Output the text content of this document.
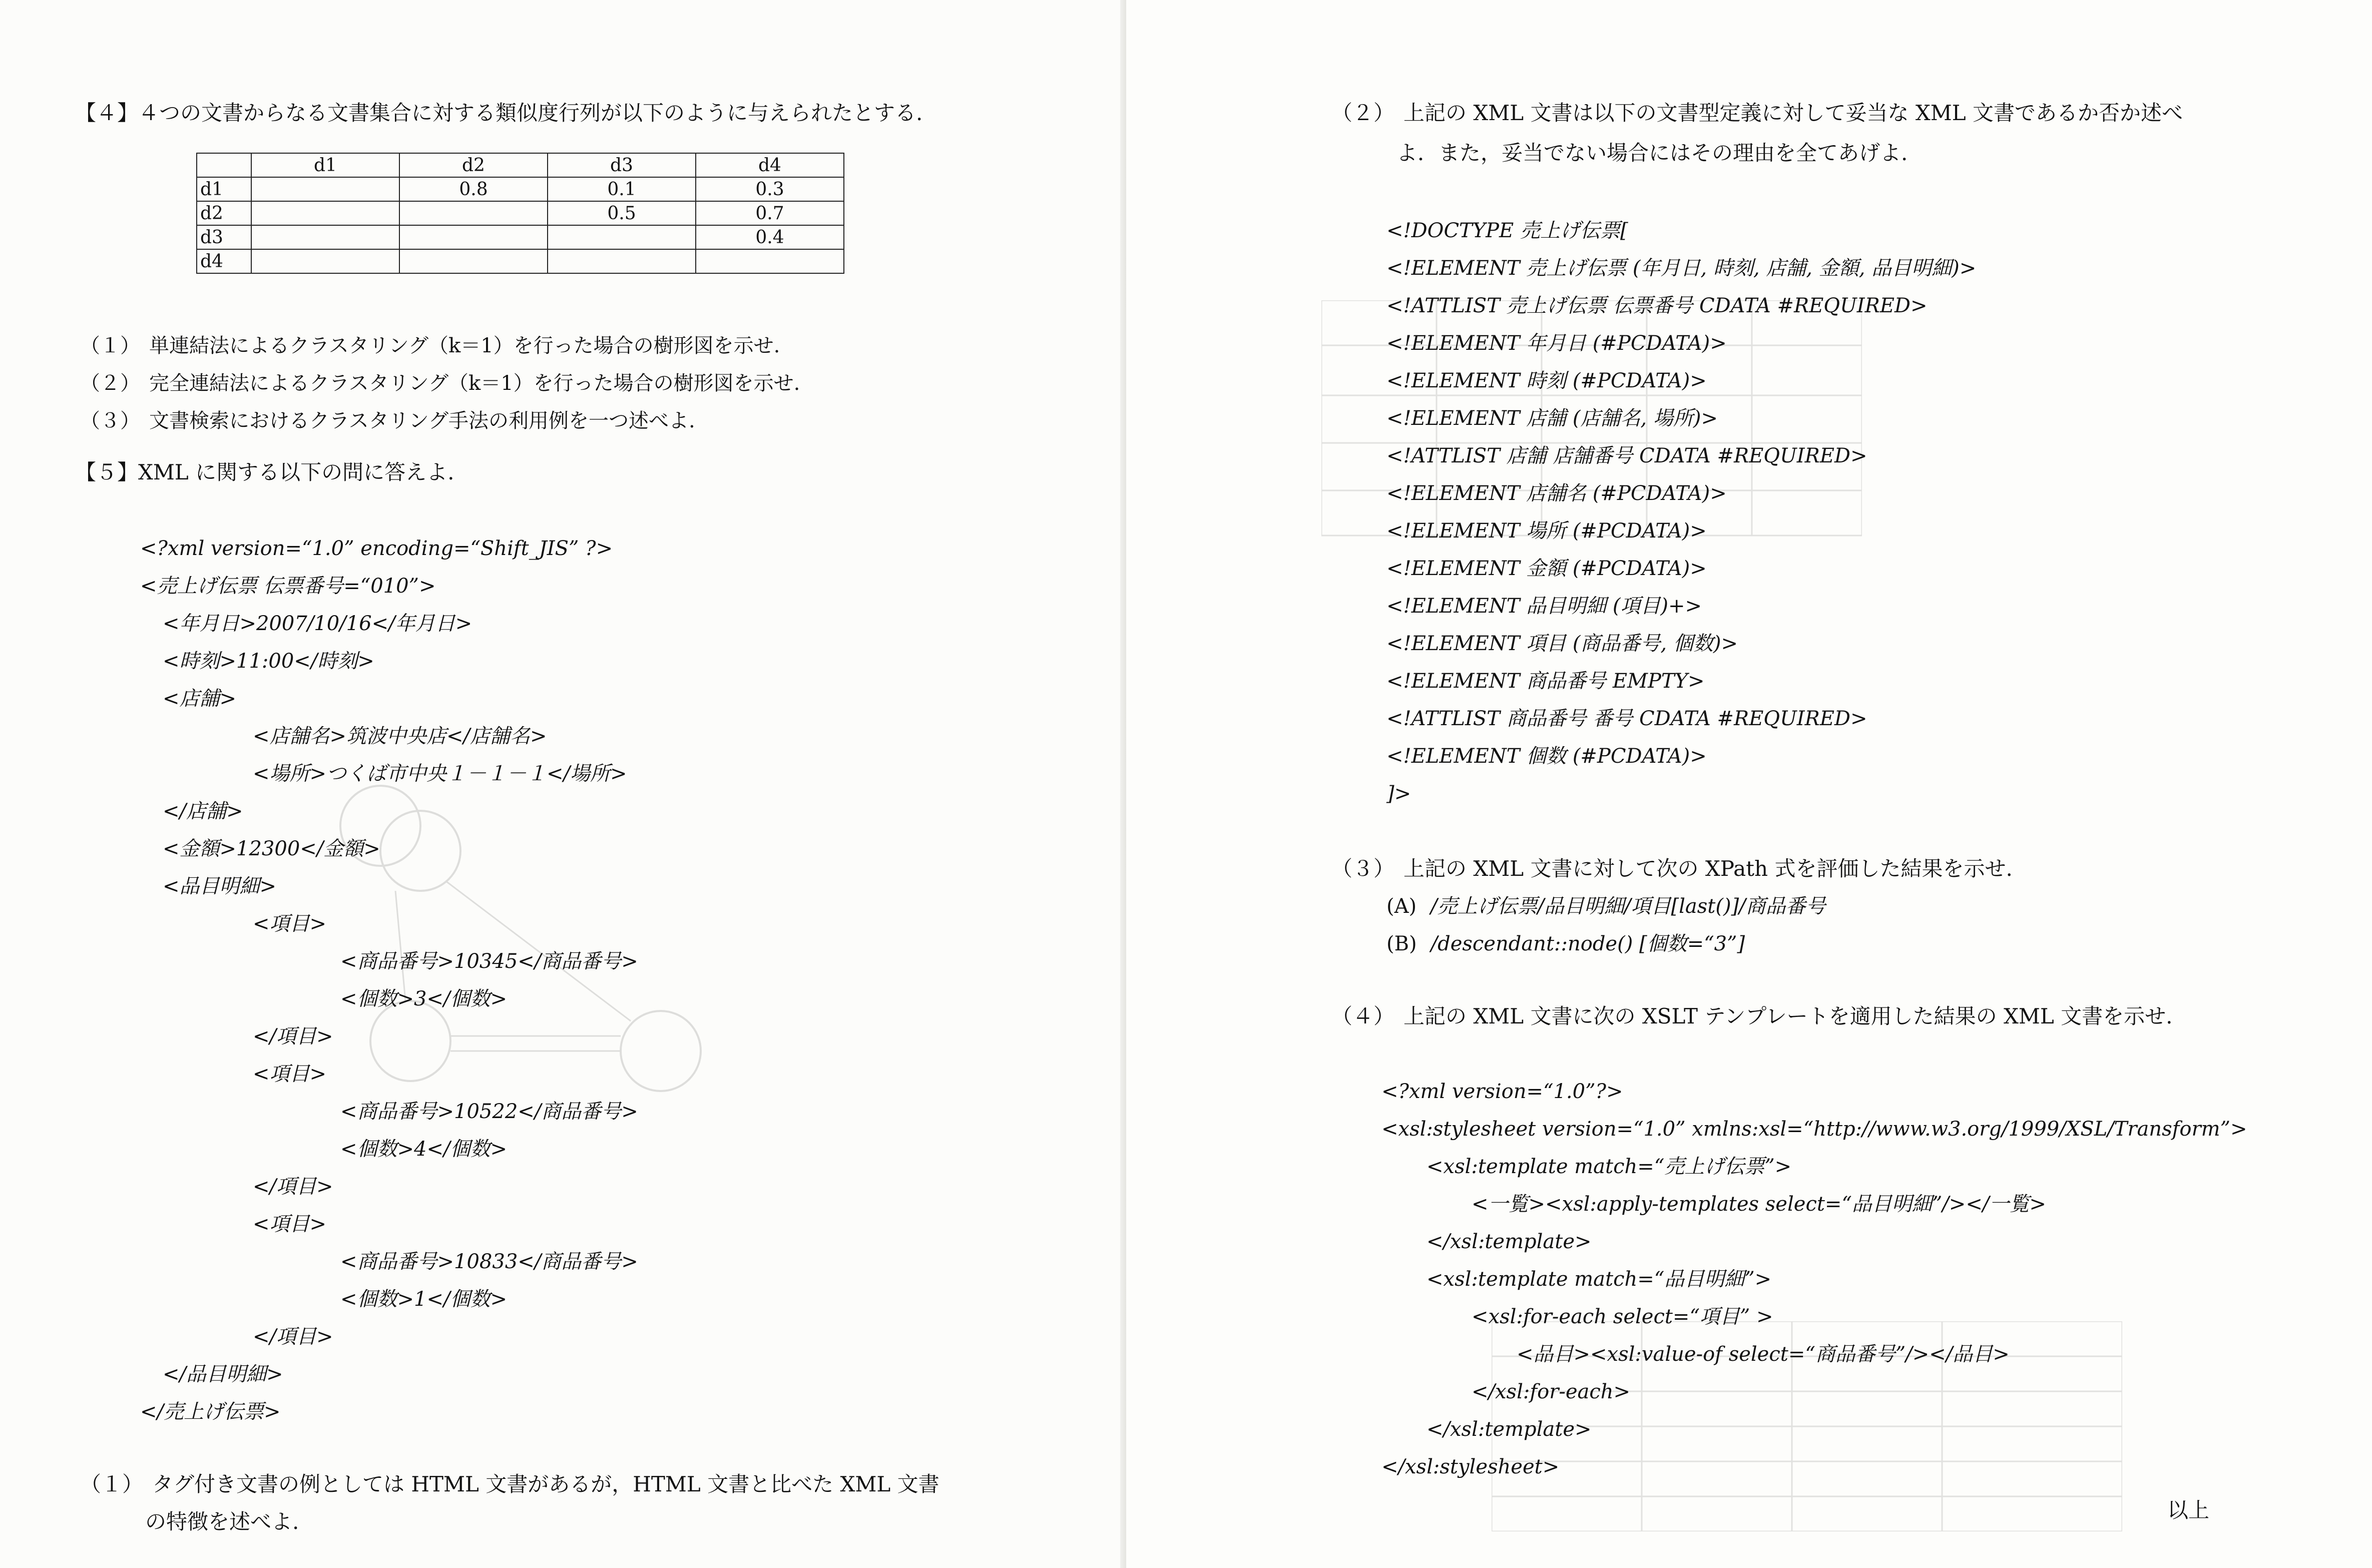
【４】４つの文書からなる文書集合に対する類似度行列が以下のように与えられたとする.
	d1	d2	d3	d4
d1		0.8	0.1	0.3
d2			0.5	0.7
d3				0.4
d4				
（１） 単連結法によるクラスタリング（k＝1）を行った場合の樹形図を示せ.
（２） 完全連結法によるクラスタリング（k＝1）を行った場合の樹形図を示せ.
（３） 文書検索におけるクラスタリング手法の利用例を一つ述べよ.
【５】XML に関する以下の問に答えよ.
<?xml version=“1.0” encoding=“Shift_JIS” ?>
<売上げ伝票 伝票番号=“010”>
<年月日>2007/10/16</年月日>
<時刻>11:00</時刻>
<店舗>
<店舗名>筑波中央店</店舗名>
<場所>つくば市中央１－１－１</場所>
</店舗>
<金額>12300</金額>
<品目明細>
<項目>
<商品番号>10345</商品番号>
<個数>3</個数>
</項目>
<項目>
<商品番号>10522</商品番号>
<個数>4</個数>
</項目>
<項目>
<商品番号>10833</商品番号>
<個数>1</個数>
</項目>
</品目明細>
</売上げ伝票>
（１） タグ付き文書の例としては HTML 文書があるが，HTML 文書と比べた XML 文書
の特徴を述べよ.
（２） 上記の XML 文書は以下の文書型定義に対して妥当な XML 文書であるか否か述べ
よ．また，妥当でない場合にはその理由を全てあげよ.
<!DOCTYPE 売上げ伝票[
<!ELEMENT 売上げ伝票 (年月日, 時刻, 店舗, 金額, 品目明細)>
<!ATTLIST 売上げ伝票 伝票番号 CDATA #REQUIRED>
<!ELEMENT 年月日 (#PCDATA)>
<!ELEMENT 時刻 (#PCDATA)>
<!ELEMENT 店舗 (店舗名, 場所)>
<!ATTLIST 店舗 店舗番号 CDATA #REQUIRED>
<!ELEMENT 店舗名 (#PCDATA)>
<!ELEMENT 場所 (#PCDATA)>
<!ELEMENT 金額 (#PCDATA)>
<!ELEMENT 品目明細 (項目)+>
<!ELEMENT 項目 (商品番号, 個数)>
<!ELEMENT 商品番号 EMPTY>
<!ATTLIST 商品番号 番号 CDATA #REQUIRED>
<!ELEMENT 個数 (#PCDATA)>
]>
（３） 上記の XML 文書に対して次の XPath 式を評価した結果を示せ.
(A) /売上げ伝票/品目明細/項目[last()]/商品番号
(B) /descendant::node() [個数=“3”]
（４） 上記の XML 文書に次の XSLT テンプレートを適用した結果の XML 文書を示せ.
<?xml version=“1.0”?>
<xsl:stylesheet version=“1.0” xmlns:xsl=“http://www.w3.org/1999/XSL/Transform”>
<xsl:template match=“売上げ伝票”>
<一覧><xsl:apply-templates select=“品目明細”/></一覧>
</xsl:template>
<xsl:template match=“品目明細”>
<xsl:for-each select=“項目” >
<品目><xsl:value-of select=“商品番号”/></品目>
</xsl:for-each>
</xsl:template>
</xsl:stylesheet>
以上
